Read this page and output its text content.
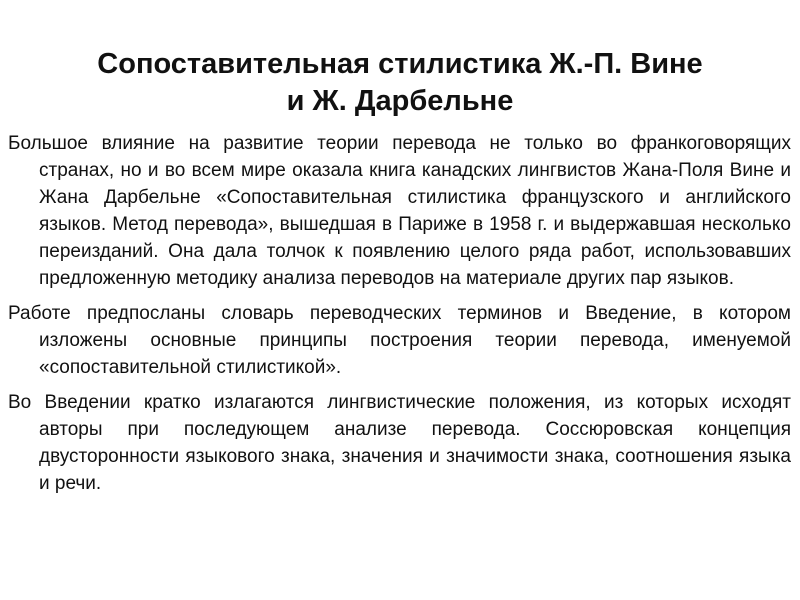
Сопоставительная стилистика Ж.-П. Вине
и Ж. Дарбельне

Большое влияние на развитие теории перевода не только во франкоговорящих странах, но и во всем мире оказала книга канадских лингвистов Жана-Поля Вине и Жана Дарбельне «Сопоставительная стилистика французского и английского языков. Метод перевода», вышедшая в Париже в 1958 г. и выдержавшая несколько переизданий. Она дала толчок к появлению целого ряда работ, использовавших предложенную методику анализа переводов на материале других пар языков.

Работе предпосланы словарь переводческих терминов и Введение, в котором изложены основные принципы построения теории перевода, именуемой «сопоставительной стилистикой».

Во Введении кратко излагаются лингвистические положения, из которых исходят авторы при последующем анализе перевода. Соссюровская концепция двусторонности языкового знака, значения и значимости знака, соотношения языка и речи.
